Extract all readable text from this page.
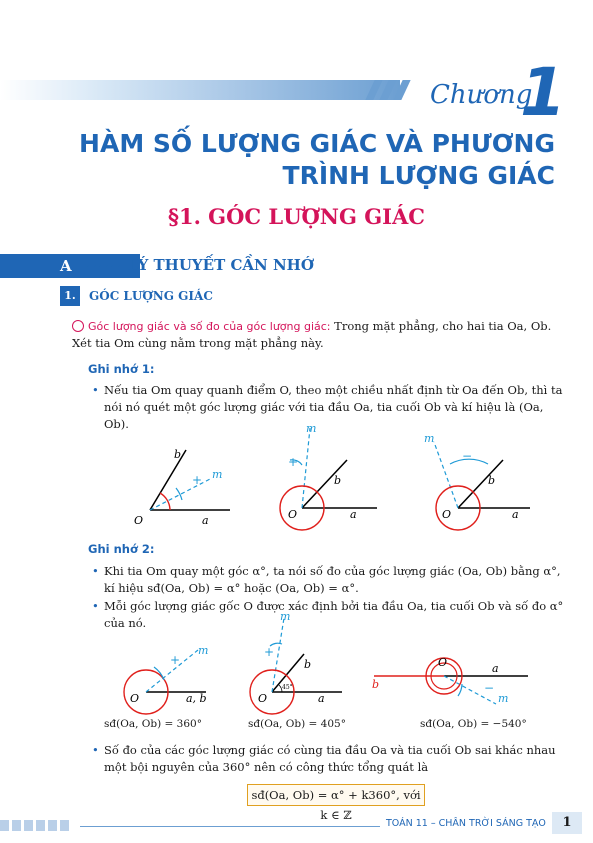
Chương
1
HÀM SỐ LƯỢNG GIÁC VÀ PHƯƠNG
TRÌNH LƯỢNG GIÁC
§1. GÓC LƯỢNG GIÁC
A	LÝ THUYẾT CẦN NHỚ
1.	GÓC LƯỢNG GIÁC
Góc lượng giác và số đo của góc lượng giác: Trong mặt phẳng, cho hai tia Oa, Ob. Xét tia Om cùng nằm trong mặt phẳng này.
Ghi nhớ 1:
• Nếu tia Om quay quanh điểm O, theo một chiều nhất định từ Oa đến Ob, thì ta nói nó quét một góc lượng giác với tia đầu Oa, tia cuối Ob và kí hiệu là (Oa, Ob).
O	a
b
m
+
O	a
b
m
+
O	a
b
m
−
Ghi nhớ 2:
• Khi tia Om quay một góc α°, ta nói số đo của góc lượng giác (Oa, Ob) bằng α°, kí hiệu sđ(Oa, Ob) = α° hoặc (Oa, Ob) = α°.
• Mỗi góc lượng giác gốc O được xác định bởi tia đầu Oa, tia cuối Ob và số đo α° của nó.
O	a, b
m
+
sđ(Oa, Ob) = 360°
O	a
b
m
+
45°
sđ(Oa, Ob) = 405°
O	a
b
m
−
sđ(Oa, Ob) = −540°
• Số đo của các góc lượng giác có cùng tia đầu Oa và tia cuối Ob sai khác nhau một bội nguyên của 360° nên có công thức tổng quát là
sđ(Oa, Ob) = α° + k360°, với k ∈ ℤ
TOÁN 11 – CHÂN TRỜI SÁNG TẠO	1
